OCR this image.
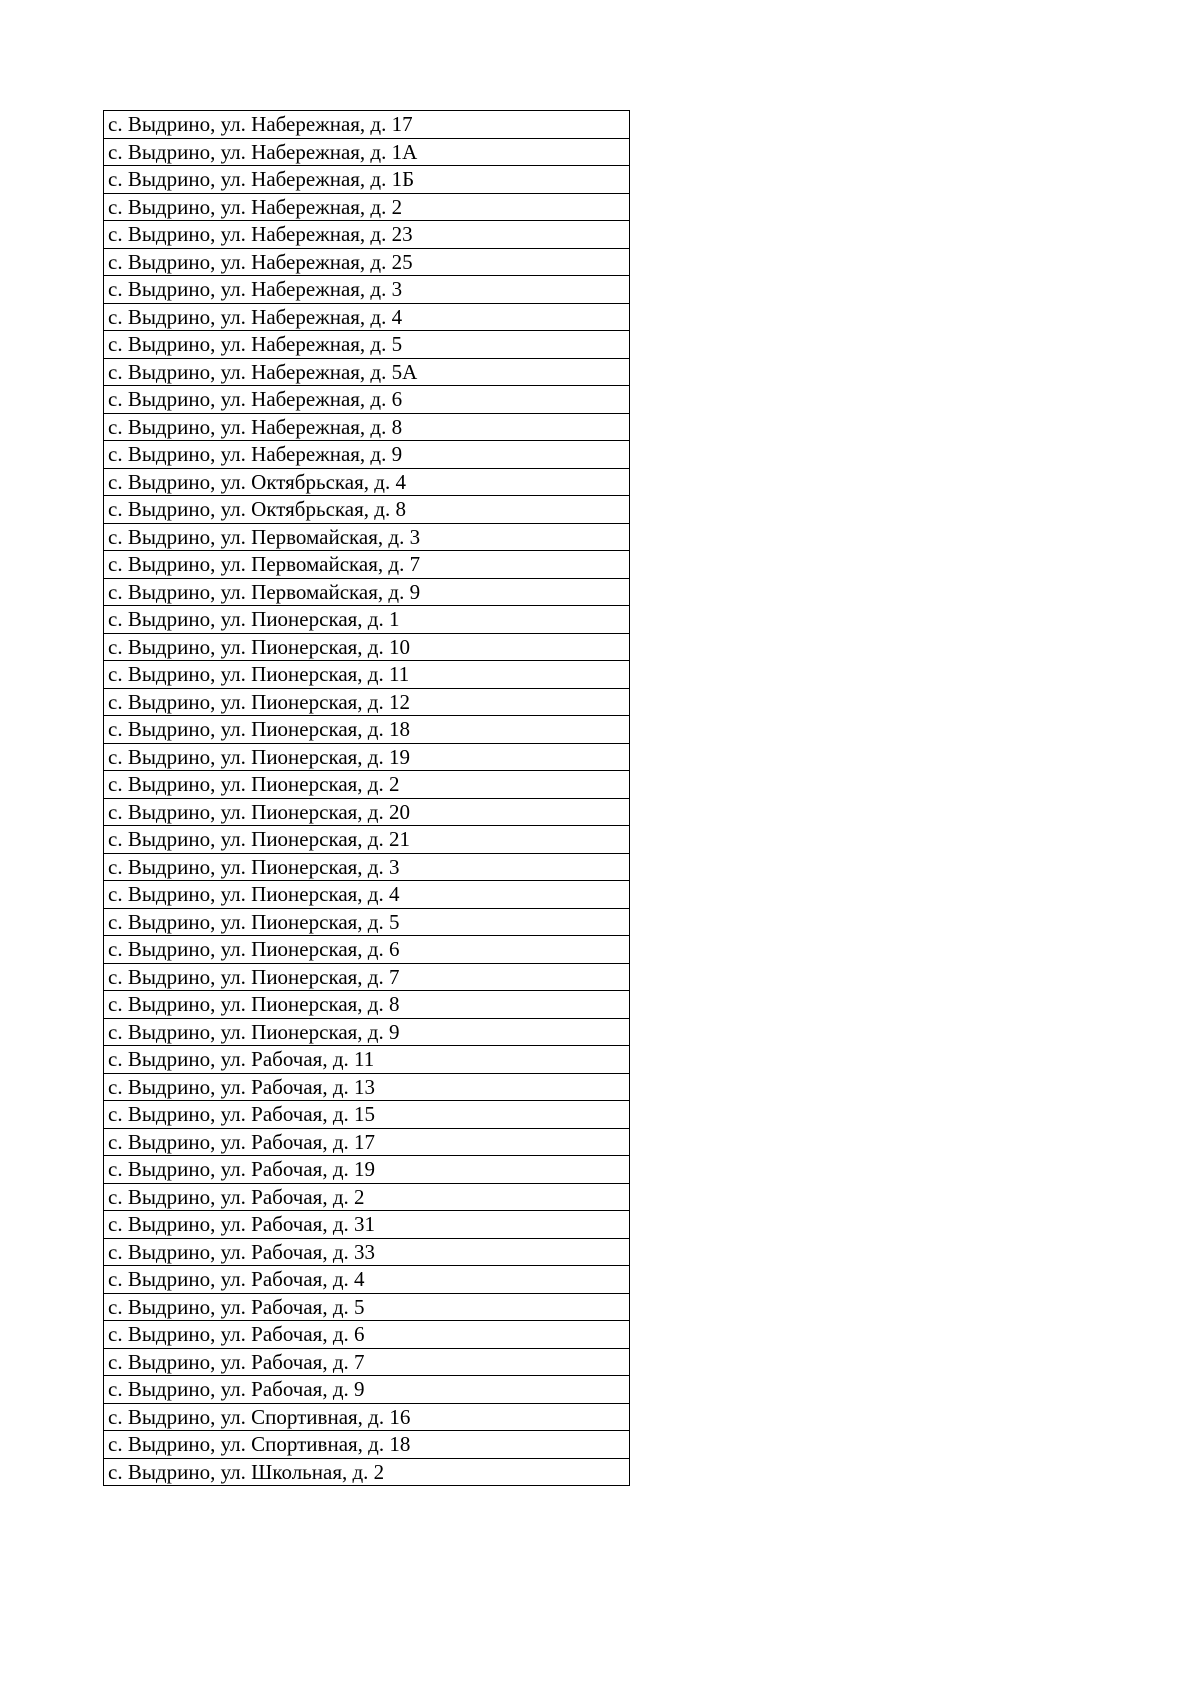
с. Выдрино, ул. Набережная, д. 17
с. Выдрино, ул. Набережная, д. 1А
с. Выдрино, ул. Набережная, д. 1Б
с. Выдрино, ул. Набережная, д. 2
с. Выдрино, ул. Набережная, д. 23
с. Выдрино, ул. Набережная, д. 25
с. Выдрино, ул. Набережная, д. 3
с. Выдрино, ул. Набережная, д. 4
с. Выдрино, ул. Набережная, д. 5
с. Выдрино, ул. Набережная, д. 5А
с. Выдрино, ул. Набережная, д. 6
с. Выдрино, ул. Набережная, д. 8
с. Выдрино, ул. Набережная, д. 9
с. Выдрино, ул. Октябрьская, д. 4
с. Выдрино, ул. Октябрьская, д. 8
с. Выдрино, ул. Первомайская, д. 3
с. Выдрино, ул. Первомайская, д. 7
с. Выдрино, ул. Первомайская, д. 9
с. Выдрино, ул. Пионерская, д. 1
с. Выдрино, ул. Пионерская, д. 10
с. Выдрино, ул. Пионерская, д. 11
с. Выдрино, ул. Пионерская, д. 12
с. Выдрино, ул. Пионерская, д. 18
с. Выдрино, ул. Пионерская, д. 19
с. Выдрино, ул. Пионерская, д. 2
с. Выдрино, ул. Пионерская, д. 20
с. Выдрино, ул. Пионерская, д. 21
с. Выдрино, ул. Пионерская, д. 3
с. Выдрино, ул. Пионерская, д. 4
с. Выдрино, ул. Пионерская, д. 5
с. Выдрино, ул. Пионерская, д. 6
с. Выдрино, ул. Пионерская, д. 7
с. Выдрино, ул. Пионерская, д. 8
с. Выдрино, ул. Пионерская, д. 9
с. Выдрино, ул. Рабочая, д. 11
с. Выдрино, ул. Рабочая, д. 13
с. Выдрино, ул. Рабочая, д. 15
с. Выдрино, ул. Рабочая, д. 17
с. Выдрино, ул. Рабочая, д. 19
с. Выдрино, ул. Рабочая, д. 2
с. Выдрино, ул. Рабочая, д. 31
с. Выдрино, ул. Рабочая, д. 33
с. Выдрино, ул. Рабочая, д. 4
с. Выдрино, ул. Рабочая, д. 5
с. Выдрино, ул. Рабочая, д. 6
с. Выдрино, ул. Рабочая, д. 7
с. Выдрино, ул. Рабочая, д. 9
с. Выдрино, ул. Спортивная, д. 16
с. Выдрино, ул. Спортивная, д. 18
с. Выдрино, ул. Школьная, д. 2
